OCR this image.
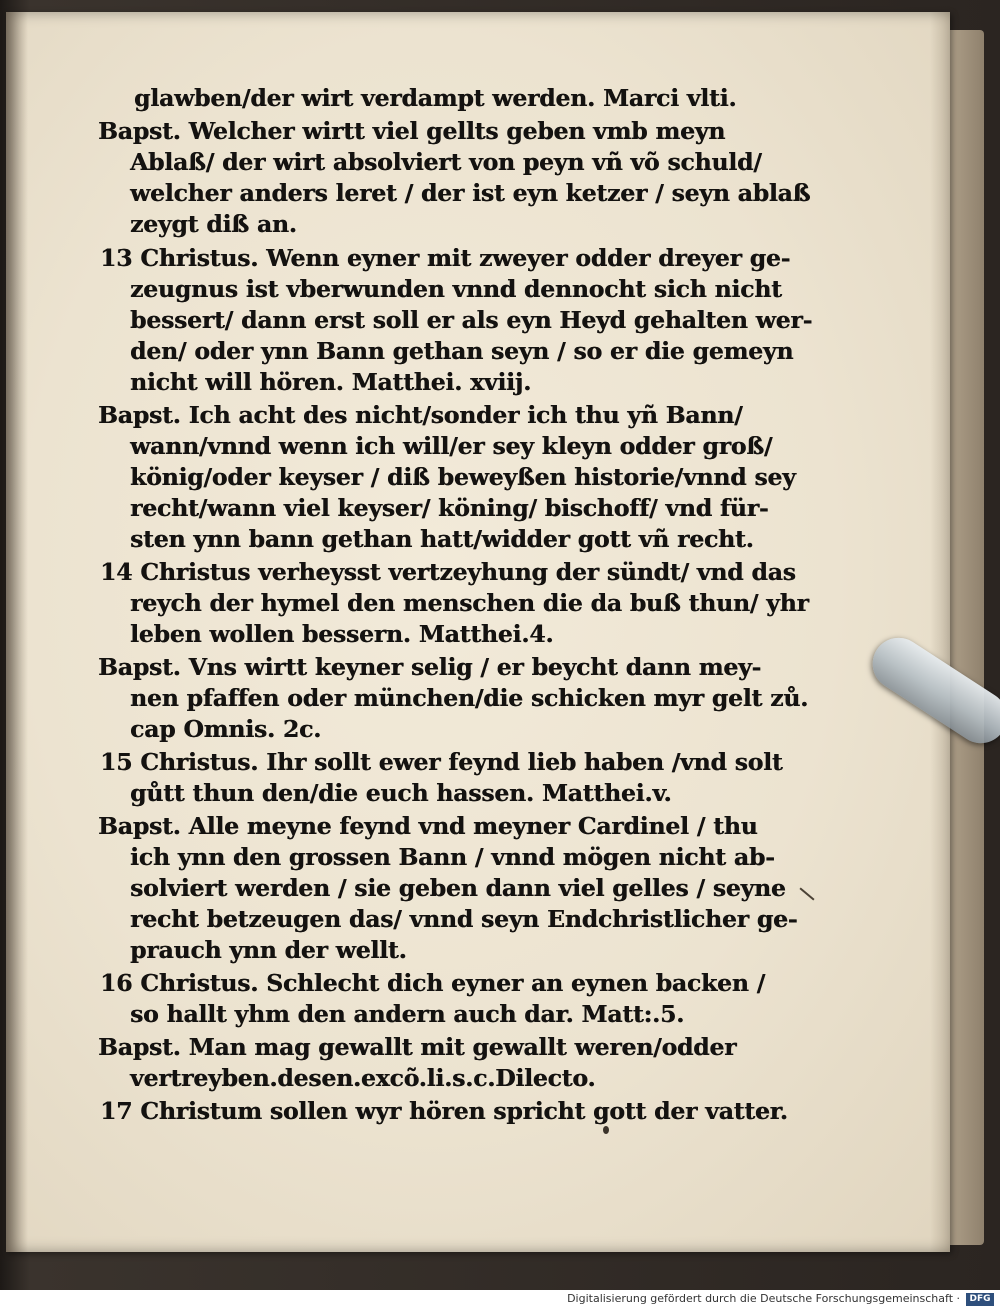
glawben/der wirt verdampt werden. Marci vlti.
Bapst. Welcher wirtt viel gellts geben vmb meyn
Ablaß/ der wirt absolviert von peyn vñ võ schuld/
welcher anders leret / der ist eyn ketzer / seyn ablaß
zeygt diß an.
13 Christus. Wenn eyner mit zweyer odder dreyer ge-
zeugnus ist vberwunden vnnd dennocht sich nicht
bessert/ dann erst soll er als eyn Heyd gehalten wer-
den/ oder ynn Bann gethan seyn / so er die gemeyn
nicht will hören. Matthei. xviij.
Bapst. Ich acht des nicht/sonder ich thu yñ Bann/
wann/vnnd wenn ich will/er sey kleyn odder groß/
könig/oder keyser / diß beweyßen historie/vnnd sey
recht/wann viel keyser/ köning/ bischoff/ vnd für-
sten ynn bann gethan hatt/widder gott vñ recht.
14 Christus verheysst vertzeyhung der sündt/ vnd das
reych der hymel den menschen die da buß thun/ yhr
leben wollen bessern. Matthei.4.
Bapst. Vns wirtt keyner selig / er beycht dann mey-
nen pfaffen oder münchen/die schicken myr gelt zů.
cap Omnis. 2c.
15 Christus. Ihr sollt ewer feynd lieb haben /vnd solt
gůtt thun den/die euch hassen. Matthei.v.
Bapst. Alle meyne feynd vnd meyner Cardinel / thu
ich ynn den grossen Bann / vnnd mögen nicht ab-
solviert werden / sie geben dann viel gelles / seyne
recht betzeugen das/ vnnd seyn Endchristlicher ge-
prauch ynn der wellt.
16 Christus. Schlecht dich eyner an eynen backen /
so hallt yhm den andern auch dar. Matt:.5.
Bapst. Man mag gewallt mit gewallt weren/odder
vertreyben.desen.excõ.li.s.c.Dilecto.
17 Christum sollen wyr hören spricht gott der vatter.
Digitalisierung gefördert durch die Deutsche Forschungsgemeinschaft ·	DFG
